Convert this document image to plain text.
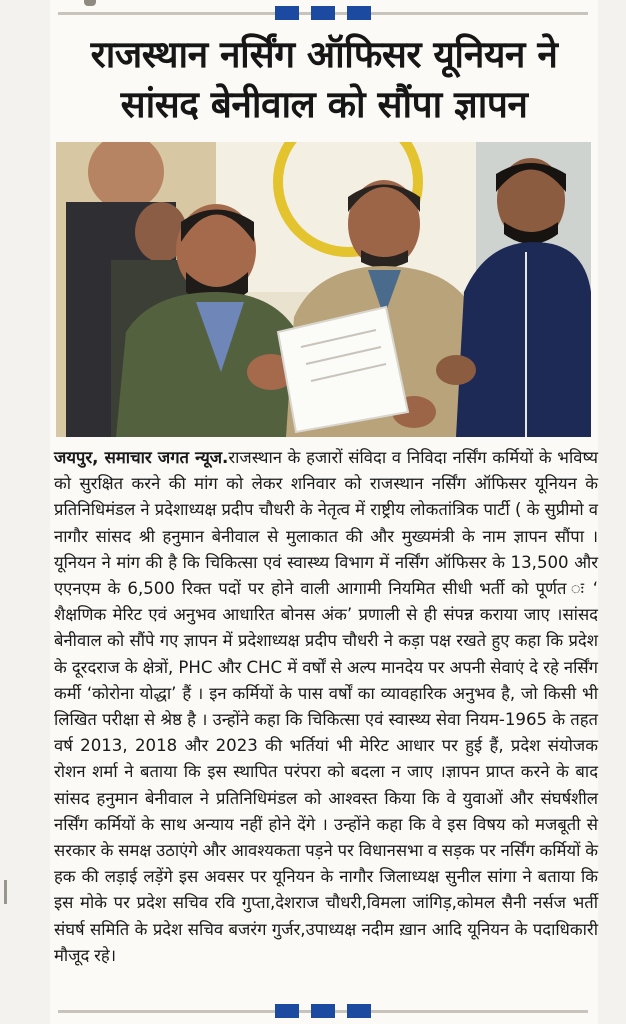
राजस्थान नर्सिंग ऑफिसर यूनियन ने सांसद बेनीवाल को सौंपा ज्ञापन

जयपुर, समाचार जगत न्यूज.राजस्थान के हजारों संविदा व निविदा नर्सिंग कर्मियों के भविष्य को सुरक्षित करने की मांग को लेकर शनिवार को राजस्थान नर्सिंग ऑफिसर यूनियन के प्रतिनिधिमंडल ने प्रदेशाध्यक्ष प्रदीप चौधरी के नेतृत्व में राष्ट्रीय लोकतांत्रिक पार्टी ( के सुप्रीमो व नागौर सांसद श्री हनुमान बेनीवाल से मुलाकात की और मुख्यमंत्री के नाम ज्ञापन सौंपा ।यूनियन ने मांग की है कि चिकित्सा एवं स्वास्थ्य विभाग में नर्सिंग ऑफिसर के 13,500 और एएनएम के 6,500 रिक्त पदों पर होने वाली आगामी नियमित सीधी भर्ती को पूर्णत ः ‘ शैक्षणिक मेरिट एवं अनुभव आधारित बोनस अंक’ प्रणाली से ही संपन्न कराया जाए ।सांसद बेनीवाल को सौंपे गए ज्ञापन में प्रदेशाध्यक्ष प्रदीप चौधरी ने कड़ा पक्ष रखते हुए कहा कि प्रदेश के दूरदराज के क्षेत्रों, PHC और CHC में वर्षों से अल्प मानदेय पर अपनी सेवाएं दे रहे नर्सिंग कर्मी ‘कोरोना योद्धा’ हैं । इन कर्मियों के पास वर्षों का व्यावहारिक अनुभव है, जो किसी भी लिखित परीक्षा से श्रेष्ठ है । उन्होंने कहा कि चिकित्सा एवं स्वास्थ्य सेवा नियम-1965 के तहत वर्ष 2013, 2018 और 2023 की भर्तियां भी मेरिट आधार पर हुई हैं, प्रदेश संयोजक रोशन शर्मा ने बताया कि इस स्थापित परंपरा को बदला न जाए ।ज्ञापन प्राप्त करने के बाद सांसद हनुमान बेनीवाल ने प्रतिनिधिमंडल को आश्वस्त किया कि वे युवाओं और संघर्षशील नर्सिंग कर्मियों के साथ अन्याय नहीं होने देंगे । उन्होंने कहा कि वे इस विषय को मजबूती से सरकार के समक्ष उठाएंगे और आवश्यकता पड़ने पर विधानसभा व सड़क पर नर्सिंग कर्मियों के हक की लड़ाई लड़ेंगे इस अवसर पर यूनियन के नागौर जिलाध्यक्ष सुनील सांगा ने बताया कि इस मोके पर प्रदेश सचिव रवि गुप्ता,देशराज चौधरी,विमला जांगिड़,कोमल सैनी नर्सज भर्ती संघर्ष समिति के प्रदेश सचिव बजरंग गुर्जर,उपाध्यक्ष नदीम ख़ान आदि यूनियन के पदाधिकारी मौजूद रहे।
